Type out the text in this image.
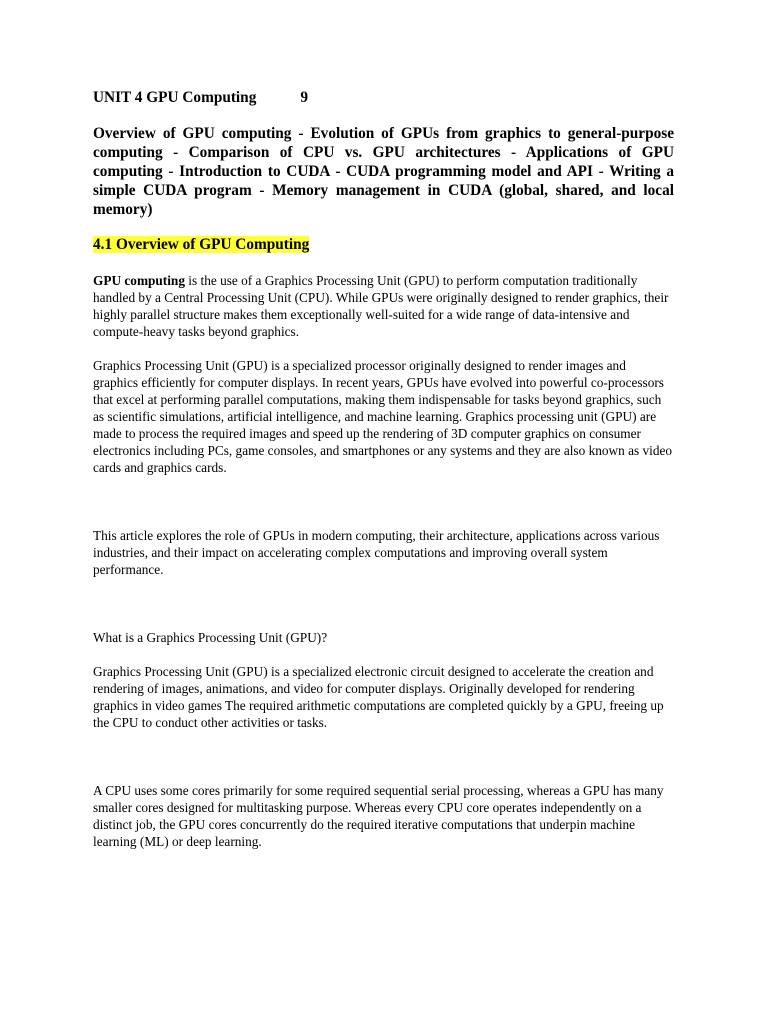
UNIT 4 GPU Computing	9

Overview of GPU computing - Evolution of GPUs from graphics to general-purpose computing - Comparison of CPU vs. GPU architectures - Applications of GPU computing - Introduction to CUDA - CUDA programming model and API - Writing a simple CUDA program - Memory management in CUDA (global, shared, and local memory)

4.1 Overview of GPU Computing

GPU computing is the use of a Graphics Processing Unit (GPU) to perform computation traditionally handled by a Central Processing Unit (CPU). While GPUs were originally designed to render graphics, their highly parallel structure makes them exceptionally well-suited for a wide range of data-intensive and compute-heavy tasks beyond graphics.

Graphics Processing Unit (GPU) is a specialized processor originally designed to render images and graphics efficiently for computer displays. In recent years, GPUs have evolved into powerful co-processors that excel at performing parallel computations, making them indispensable for tasks beyond graphics, such as scientific simulations, artificial intelligence, and machine learning. Graphics processing unit (GPU) are made to process the required images and speed up the rendering of 3D computer graphics on consumer electronics including PCs, game consoles, and smartphones or any systems and they are also known as video cards and graphics cards.

This article explores the role of GPUs in modern computing, their architecture, applications across various industries, and their impact on accelerating complex computations and improving overall system performance.

What is a Graphics Processing Unit (GPU)?

Graphics Processing Unit (GPU) is a specialized electronic circuit designed to accelerate the creation and rendering of images, animations, and video for computer displays. Originally developed for rendering graphics in video games The required arithmetic computations are completed quickly by a GPU, freeing up the CPU to conduct other activities or tasks.

A CPU uses some cores primarily for some required sequential serial processing, whereas a GPU has many smaller cores designed for multitasking purpose. Whereas every CPU core operates independently on a distinct job, the GPU cores concurrently do the required iterative computations that underpin machine learning (ML) or deep learning.
